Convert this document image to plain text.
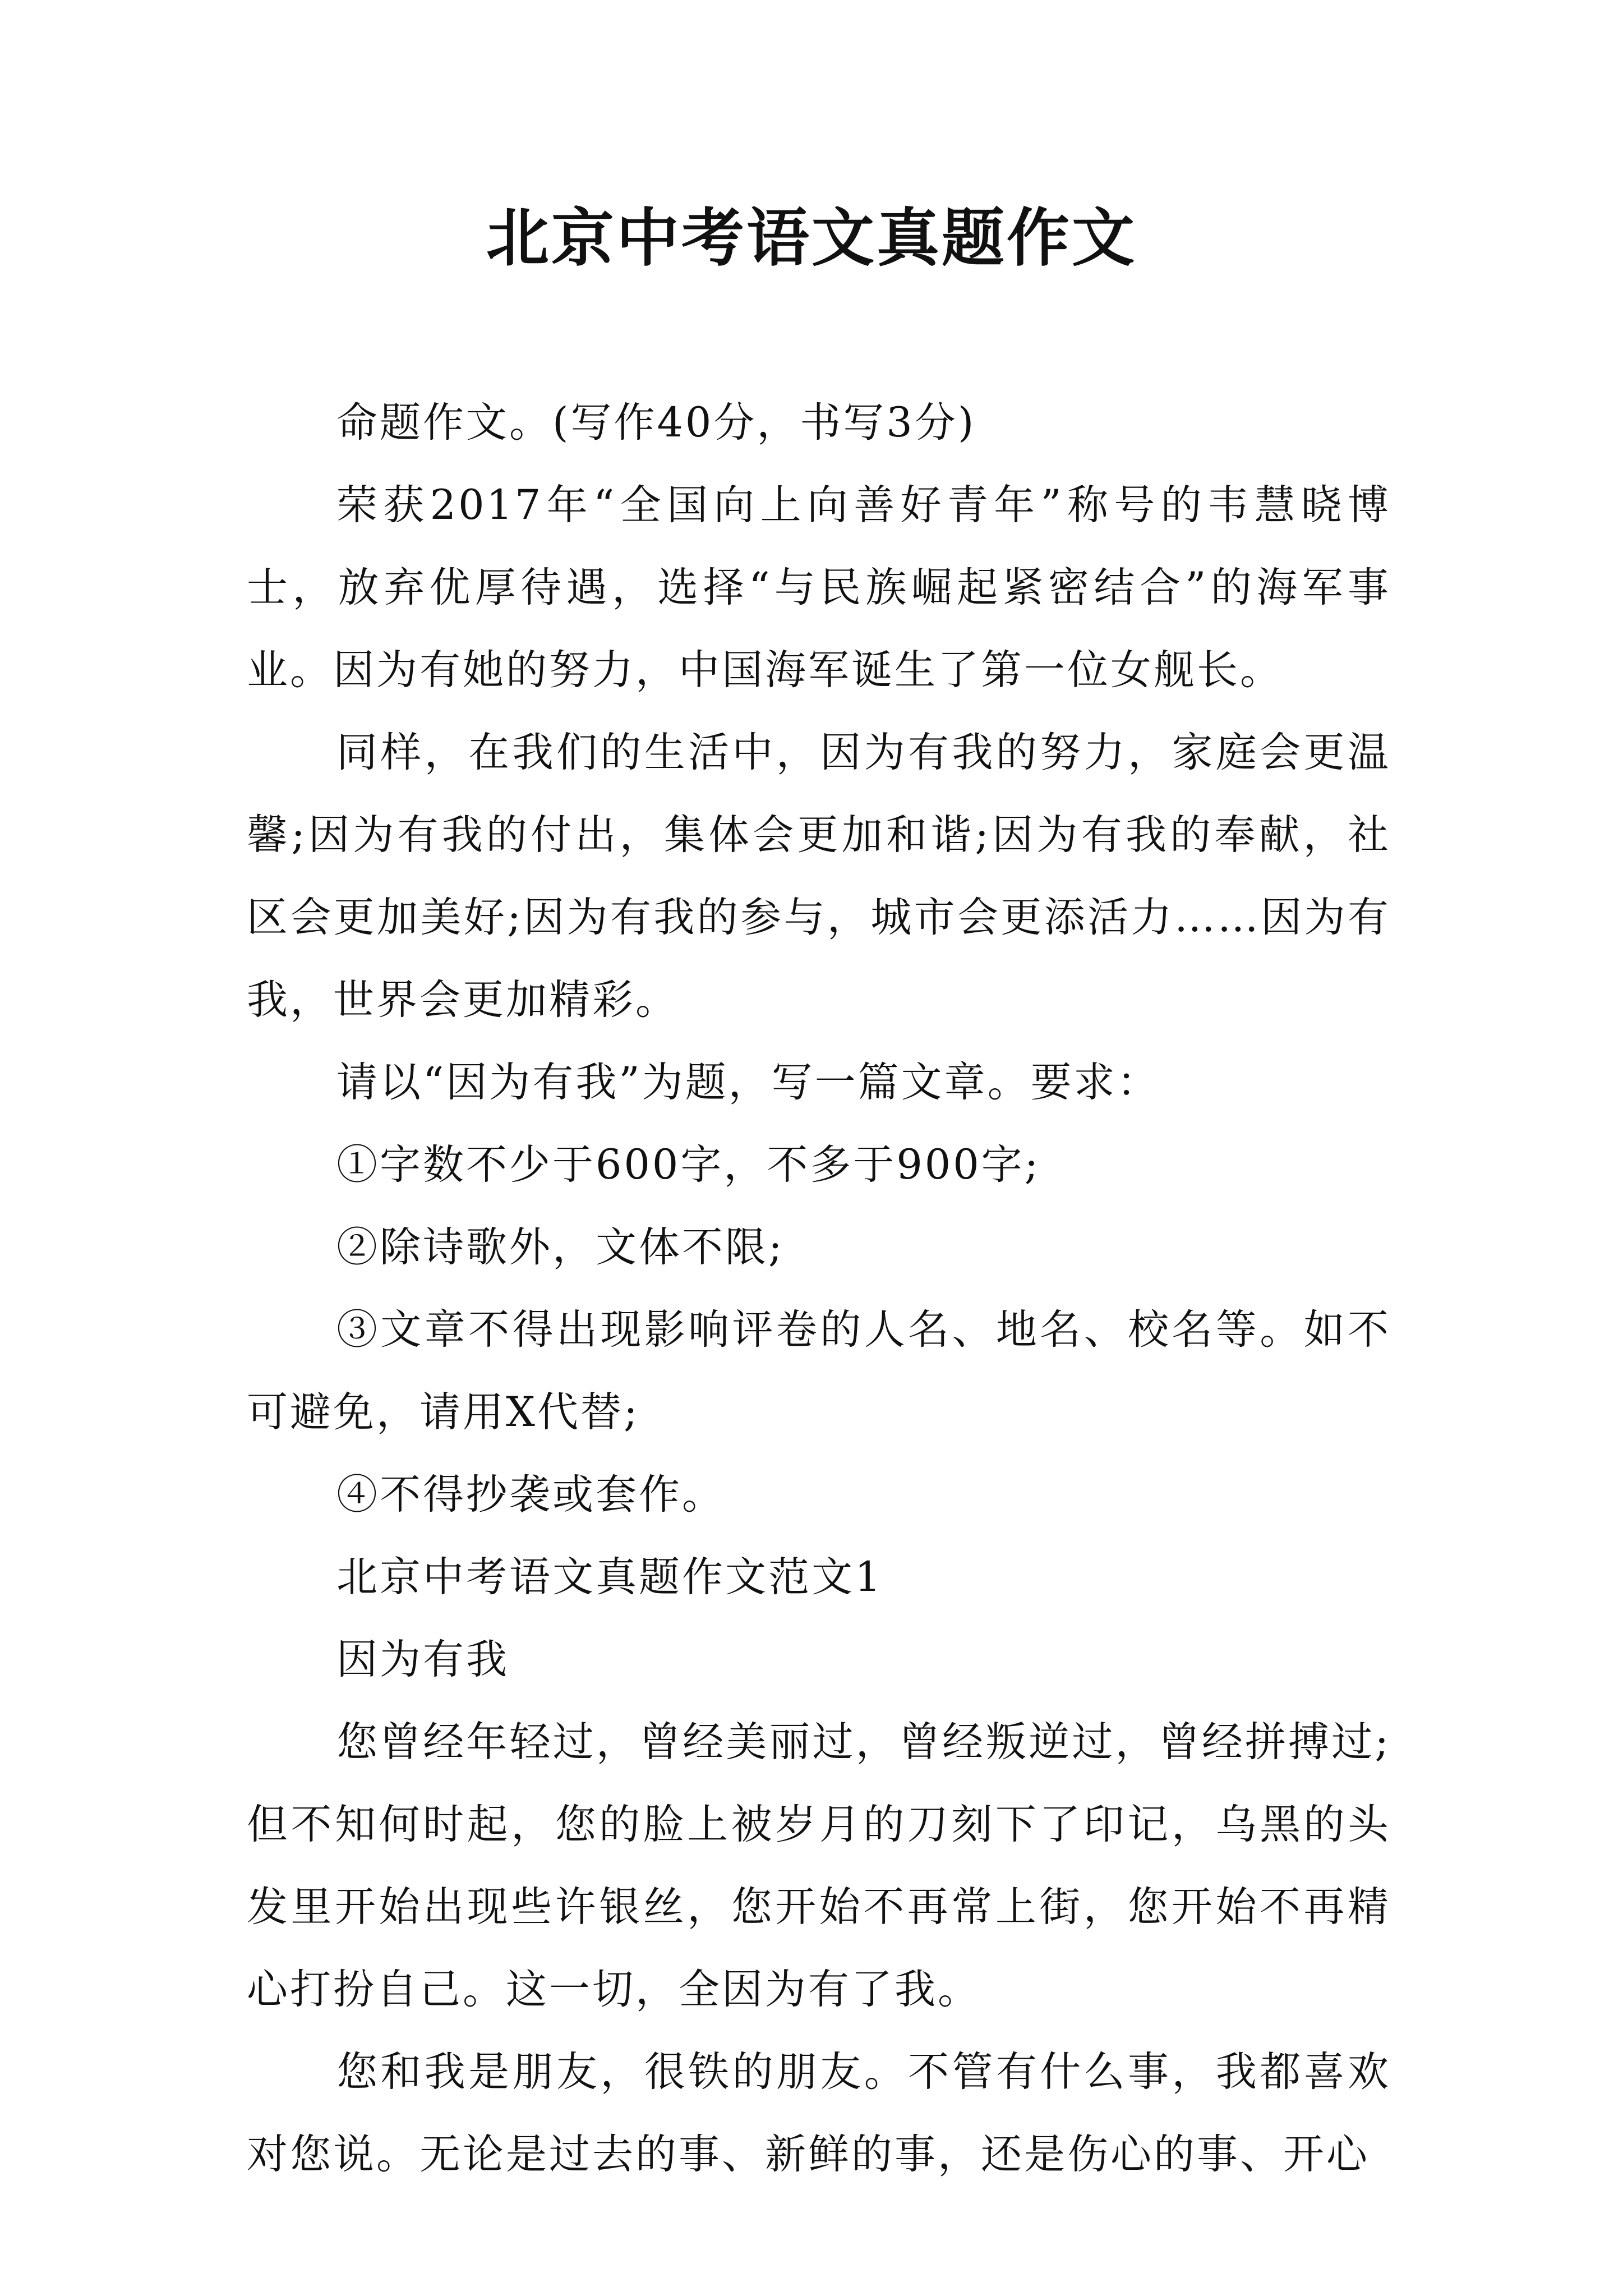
北京中考语文真题作文

命题作文。(写作40分，书写3分)

荣获2017年“全国向上向善好青年”称号的韦慧晓博士，放弃优厚待遇，选择“与民族崛起紧密结合”的海军事业。因为有她的努力，中国海军诞生了第一位女舰长。

同样，在我们的生活中，因为有我的努力，家庭会更温馨;因为有我的付出，集体会更加和谐;因为有我的奉献，社区会更加美好;因为有我的参与，城市会更添活力……因为有我，世界会更加精彩。

请以“因为有我”为题，写一篇文章。要求：

①字数不少于600字，不多于900字;

②除诗歌外，文体不限;

③文章不得出现影响评卷的人名、地名、校名等。如不可避免，请用X代替;

④不得抄袭或套作。

北京中考语文真题作文范文1

因为有我

您曾经年轻过，曾经美丽过，曾经叛逆过，曾经拼搏过;但不知何时起，您的脸上被岁月的刀刻下了印记，乌黑的头发里开始出现些许银丝，您开始不再常上街，您开始不再精心打扮自己。这一切，全因为有了我。

您和我是朋友，很铁的朋友。不管有什么事，我都喜欢对您说。无论是过去的事、新鲜的事，还是伤心的事、开心
